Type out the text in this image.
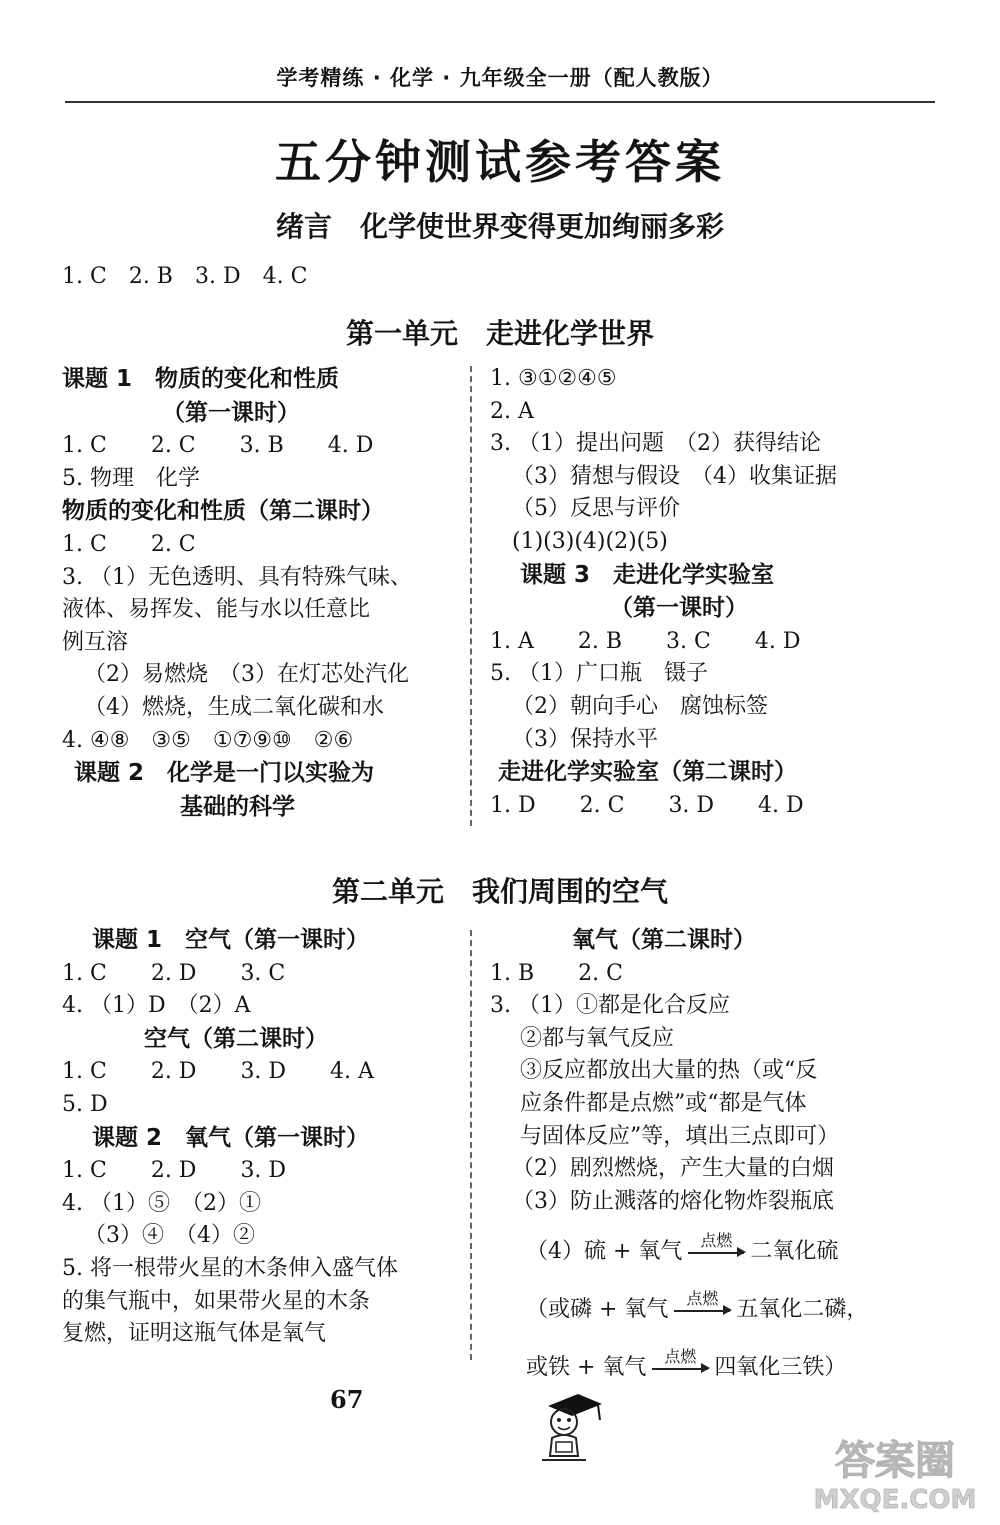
学考精练 · 化学 · 九年级全一册（配人教版）
五分钟测试参考答案
绪言　化学使世界变得更加绚丽多彩
1. C　2. B　3. D　4. C
第一单元　走进化学世界
课题 1　物质的变化和性质
（第一课时）
1. C　　2. C　　3. B　　4. D
5. 物理　化学
物质的变化和性质（第二课时）
1. C　　2. C
3. （1）无色透明、具有特殊气味、
液体、易挥发、能与水以任意比
例互溶
（2）易燃烧　（3）在灯芯处汽化
（4）燃烧，生成二氧化碳和水
4. ④⑧　③⑤　①⑦⑨⑩　②⑥
课题 2　化学是一门以实验为
基础的科学
1. ③①②④⑤
2. A
3. （1）提出问题　（2）获得结论
（3）猜想与假设　（4）收集证据
（5）反思与评价
(1)(3)(4)(2)(5)
课题 3　走进化学实验室
（第一课时）
1. A　　2. B　　3. C　　4. D
5. （1）广口瓶　镊子
（2）朝向手心　腐蚀标签
（3）保持水平
走进化学实验室（第二课时）
1. D　　2. C　　3. D　　4. D
第二单元　我们周围的空气
课题 1　空气（第一课时）
1. C　　2. D　　3. C
4. （1）D　（2）A
空气（第二课时）
1. C　　2. D　　3. D　　4. A
5. D
课题 2　氧气（第一课时）
1. C　　2. D　　3. D
4. （1）⑤　（2）①
（3）④　（4）②
5. 将一根带火星的木条伸入盛气体
的集气瓶中，如果带火星的木条
复燃，证明这瓶气体是氧气
氧气（第二课时）
1. B　　2. C
3. （1）①都是化合反应
②都与氧气反应
③反应都放出大量的热（或“反
应条件都是点燃”或“都是气体
与固体反应”等，填出三点即可）
（2）剧烈燃烧，产生大量的白烟
（3）防止溅落的熔化物炸裂瓶底
（4）硫 + 氧气	点燃 二氧化硫
（或磷 + 氧气	点燃 五氧化二磷，
或铁 + 氧气	点燃 四氧化三铁）
67
答案圈
MXQE.COM
